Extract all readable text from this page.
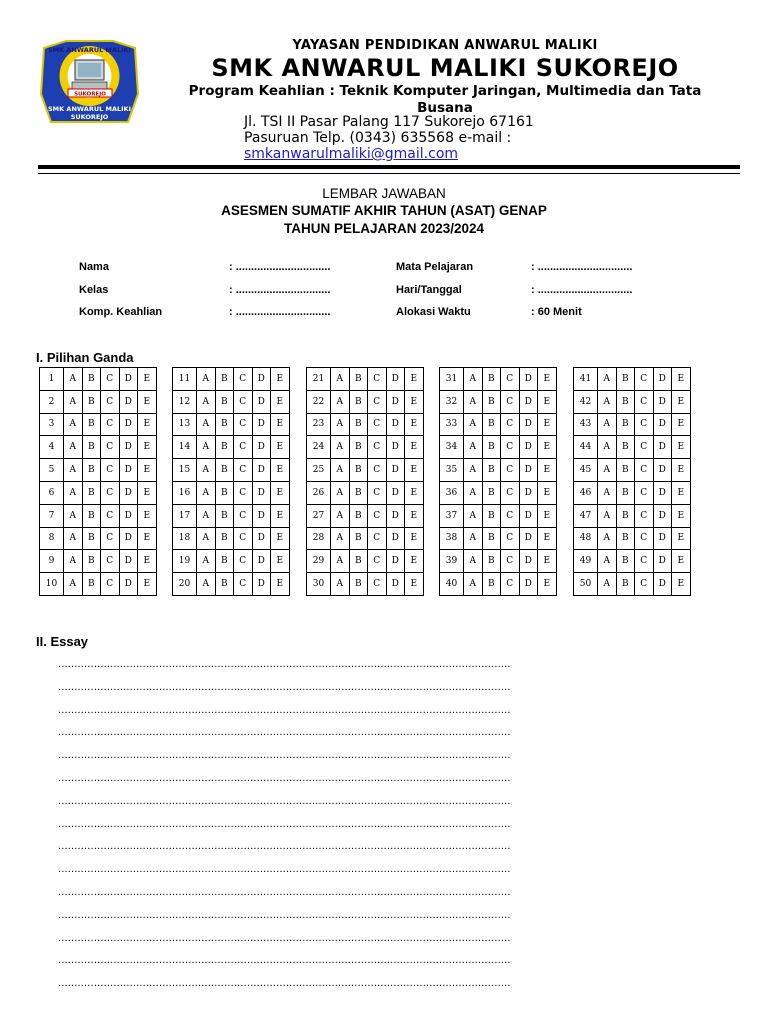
SMK ANWARUL MALIKI
SUKOREJO
SMK ANWARUL MALIKI
SUKOREJO
YAYASAN PENDIDIKAN ANWARUL MALIKI
SMK ANWARUL MALIKI SUKOREJO
Program Keahlian : Teknik Komputer Jaringan, Multimedia dan Tata Busana
Jl. TSI II Pasar Palang 117 Sukorejo 67161
Pasuruan Telp. (0343) 635568 e-mail :
smkanwarulmaliki@gmail.com
LEMBAR JAWABAN
ASESMEN SUMATIF AKHIR TAHUN (ASAT) GENAP
TAHUN PELAJARAN 2023/2024
Nama	: ...............................
Kelas	: ...............................
Komp. Keahlian	: ...............................
Mata Pelajaran	: ...............................
Hari/Tanggal	: ...............................
Alokasi Waktu	: 60 Menit
I. Pilihan Ganda
1	A	B	C	D	E
2	A	B	C	D	E
3	A	B	C	D	E
4	A	B	C	D	E
5	A	B	C	D	E
6	A	B	C	D	E
7	A	B	C	D	E
8	A	B	C	D	E
9	A	B	C	D	E
10	A	B	C	D	E
11	A	B	C	D	E
12	A	B	C	D	E
13	A	B	C	D	E
14	A	B	C	D	E
15	A	B	C	D	E
16	A	B	C	D	E
17	A	B	C	D	E
18	A	B	C	D	E
19	A	B	C	D	E
20	A	B	C	D	E
21	A	B	C	D	E
22	A	B	C	D	E
23	A	B	C	D	E
24	A	B	C	D	E
25	A	B	C	D	E
26	A	B	C	D	E
27	A	B	C	D	E
28	A	B	C	D	E
29	A	B	C	D	E
30	A	B	C	D	E
31	A	B	C	D	E
32	A	B	C	D	E
33	A	B	C	D	E
34	A	B	C	D	E
35	A	B	C	D	E
36	A	B	C	D	E
37	A	B	C	D	E
38	A	B	C	D	E
39	A	B	C	D	E
40	A	B	C	D	E
41	A	B	C	D	E
42	A	B	C	D	E
43	A	B	C	D	E
44	A	B	C	D	E
45	A	B	C	D	E
46	A	B	C	D	E
47	A	B	C	D	E
48	A	B	C	D	E
49	A	B	C	D	E
50	A	B	C	D	E
II. Essay
...........................................................................................................................................
...........................................................................................................................................
...........................................................................................................................................
...........................................................................................................................................
...........................................................................................................................................
...........................................................................................................................................
...........................................................................................................................................
...........................................................................................................................................
...........................................................................................................................................
...........................................................................................................................................
...........................................................................................................................................
...........................................................................................................................................
...........................................................................................................................................
...........................................................................................................................................
...........................................................................................................................................
